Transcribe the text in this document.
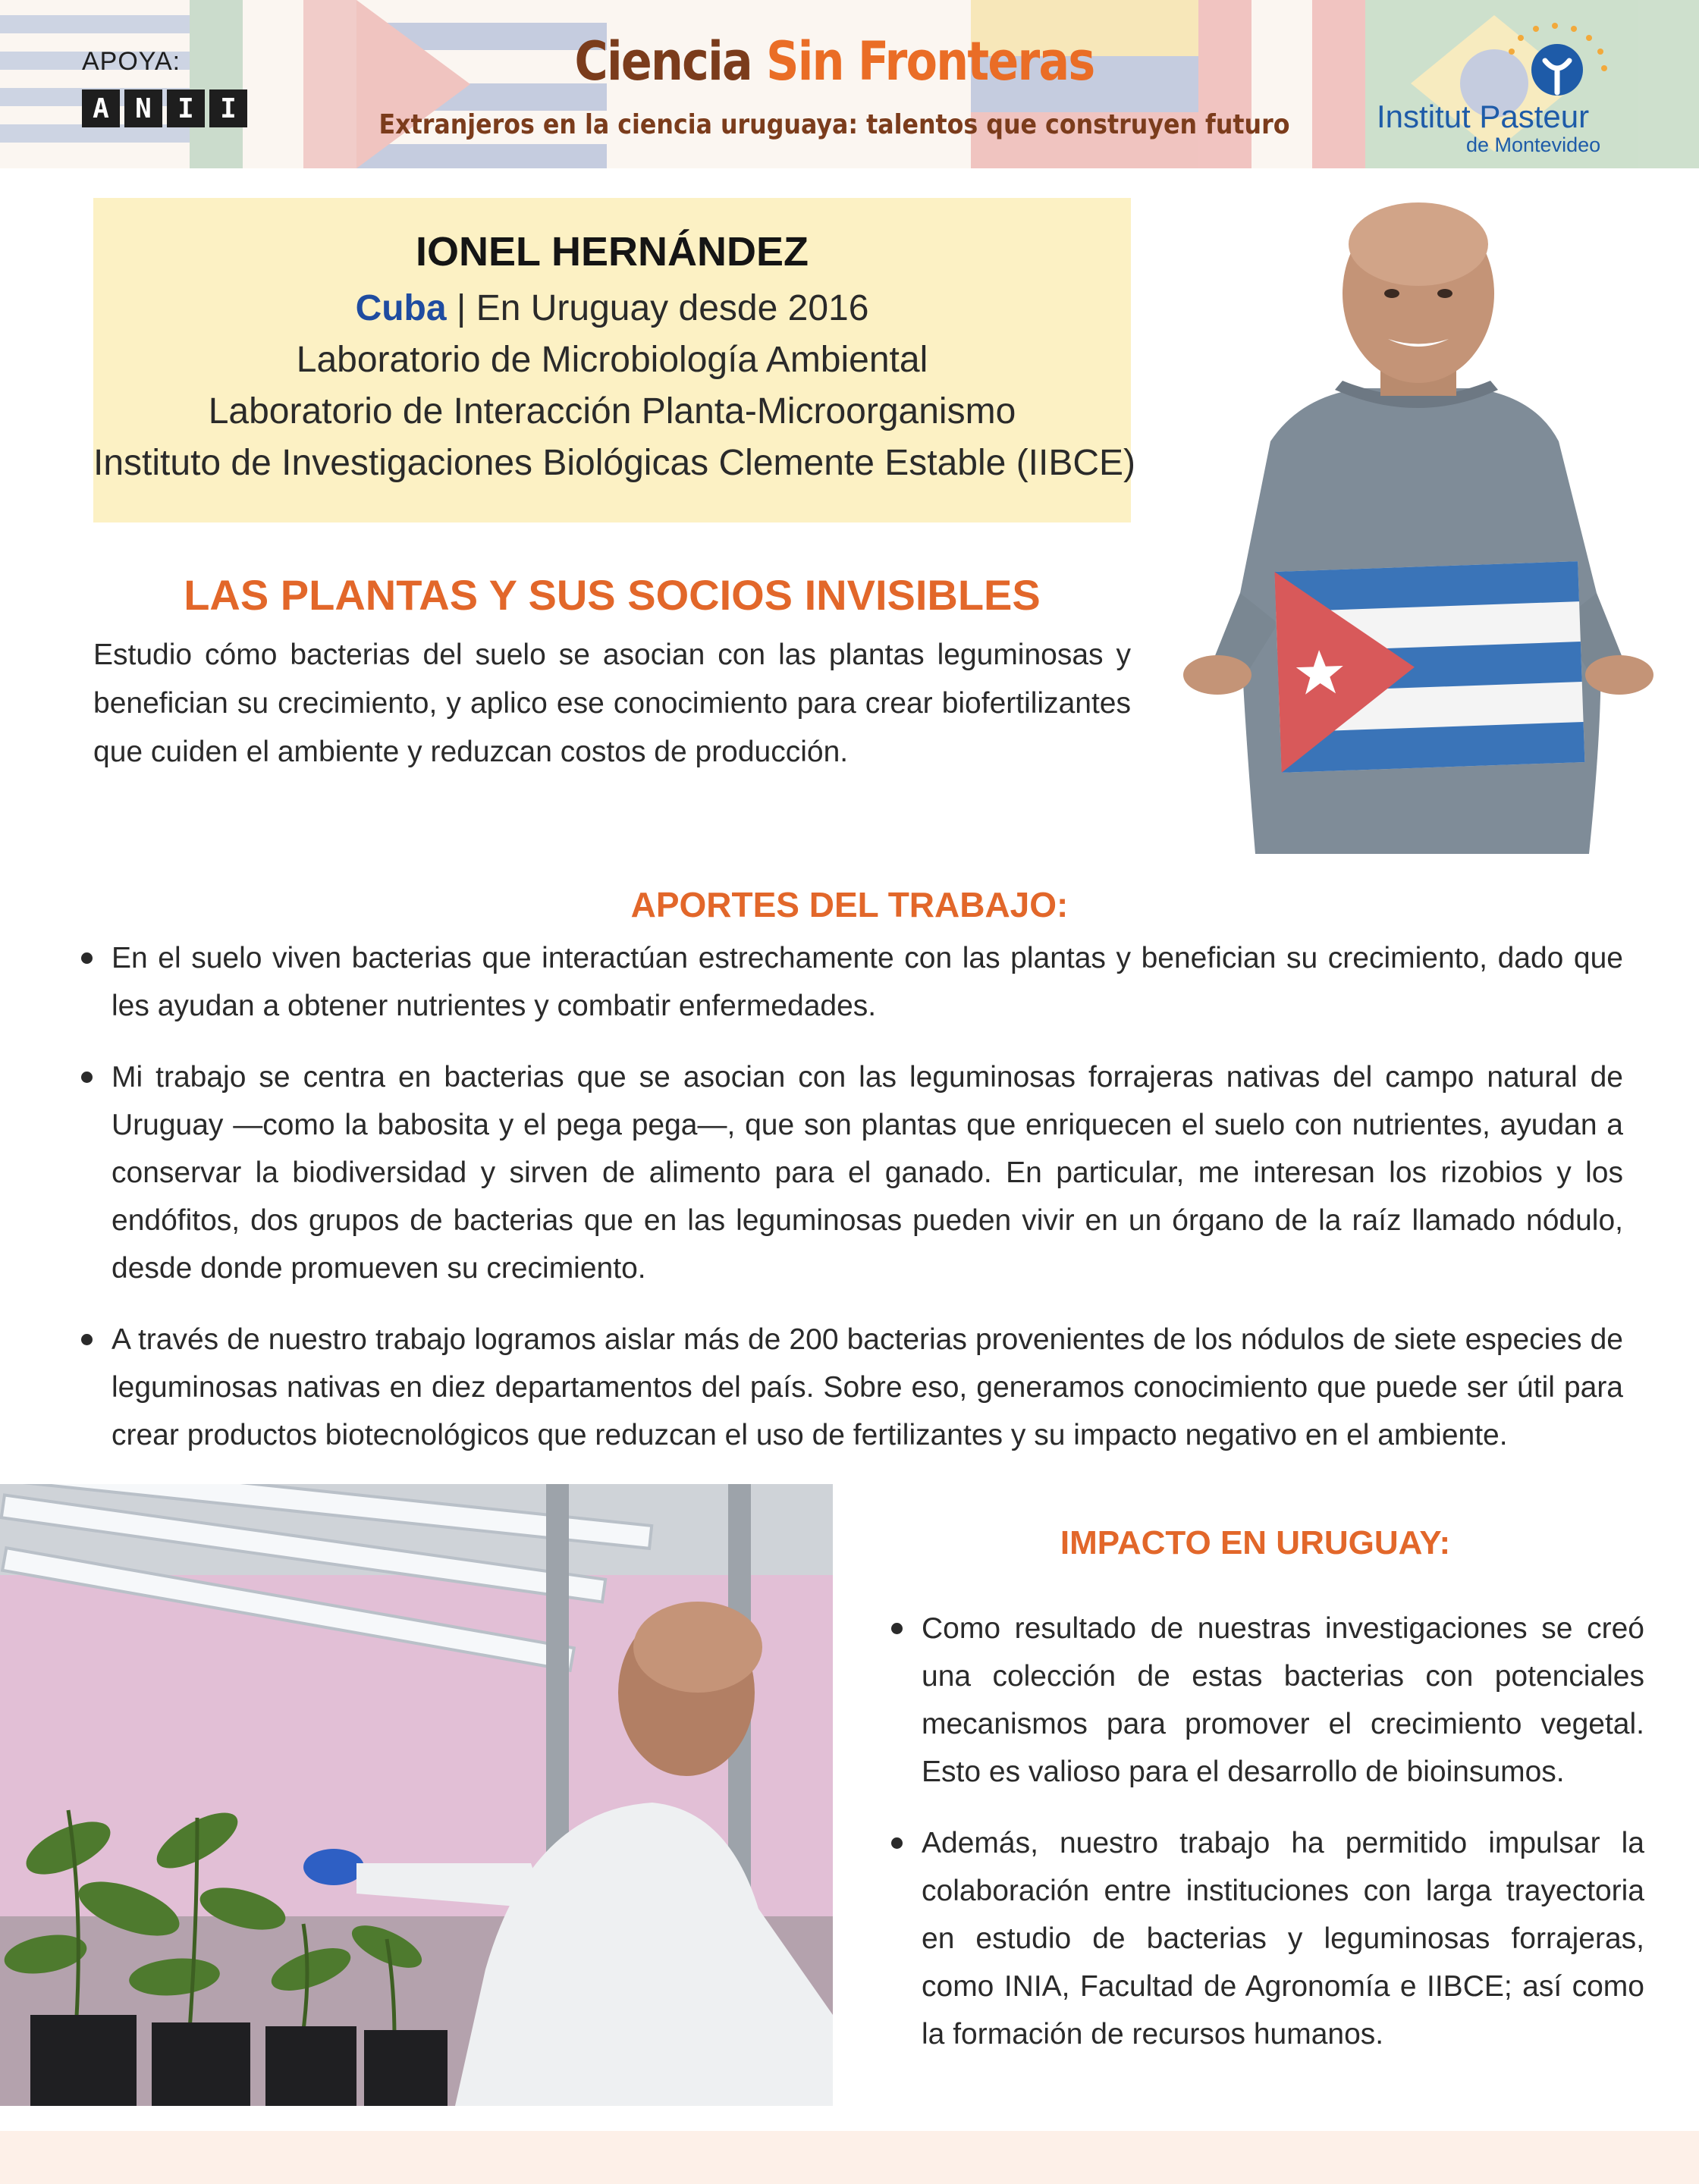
APOYA:
A N I I
Ciencia Sin Fronteras
Extranjeros en la ciencia uruguaya: talentos que construyen futuro	Institut Pasteur
de Montevideo
IONEL HERNÁNDEZ
Cuba | En Uruguay desde 2016
Laboratorio de Microbiología Ambiental
Laboratorio de Interacción Planta-Microorganismo
Instituto de Investigaciones Biológicas Clemente Estable (IIBCE)
LAS PLANTAS Y SUS SOCIOS INVISIBLES
Estudio cómo bacterias del suelo se asocian con las plantas leguminosas y benefician su crecimiento, y aplico ese conocimiento para crear biofertilizantes que cuiden el ambiente y reduzcan costos de producción.
APORTES DEL TRABAJO:
En el suelo viven bacterias que interactúan estrechamente con las plantas y benefician su crecimiento, dado que les ayudan a obtener nutrientes y combatir enfermedades.
Mi trabajo se centra en bacterias que se asocian con las leguminosas forrajeras nativas del campo natural de Uruguay —como la babosita y el pega pega—, que son plantas que enriquecen el suelo con nutrientes, ayudan a conservar la biodiversidad y sirven de alimento para el ganado. En particular, me interesan los rizobios y los endófitos, dos grupos de bacterias que en las leguminosas pueden vivir en un órgano de la raíz llamado nódulo, desde donde promueven su crecimiento.
A través de nuestro trabajo logramos aislar más de 200 bacterias provenientes de los nódulos de siete especies de leguminosas nativas en diez departamentos del país. Sobre eso, generamos conocimiento que puede ser útil para crear productos biotecnológicos que reduzcan el uso de fertilizantes y su impacto negativo en el ambiente.
IMPACTO EN URUGUAY:
Como resultado de nuestras investigaciones se creó una colección de estas bacterias con potenciales mecanismos para promover el crecimiento vegetal. Esto es valioso para el desarrollo de bioinsumos.
Además, nuestro trabajo ha permitido impulsar la colaboración entre instituciones con larga trayectoria en estudio de bacterias y leguminosas forrajeras, como INIA, Facultad de Agronomía e IIBCE; así como la formación de recursos humanos.
